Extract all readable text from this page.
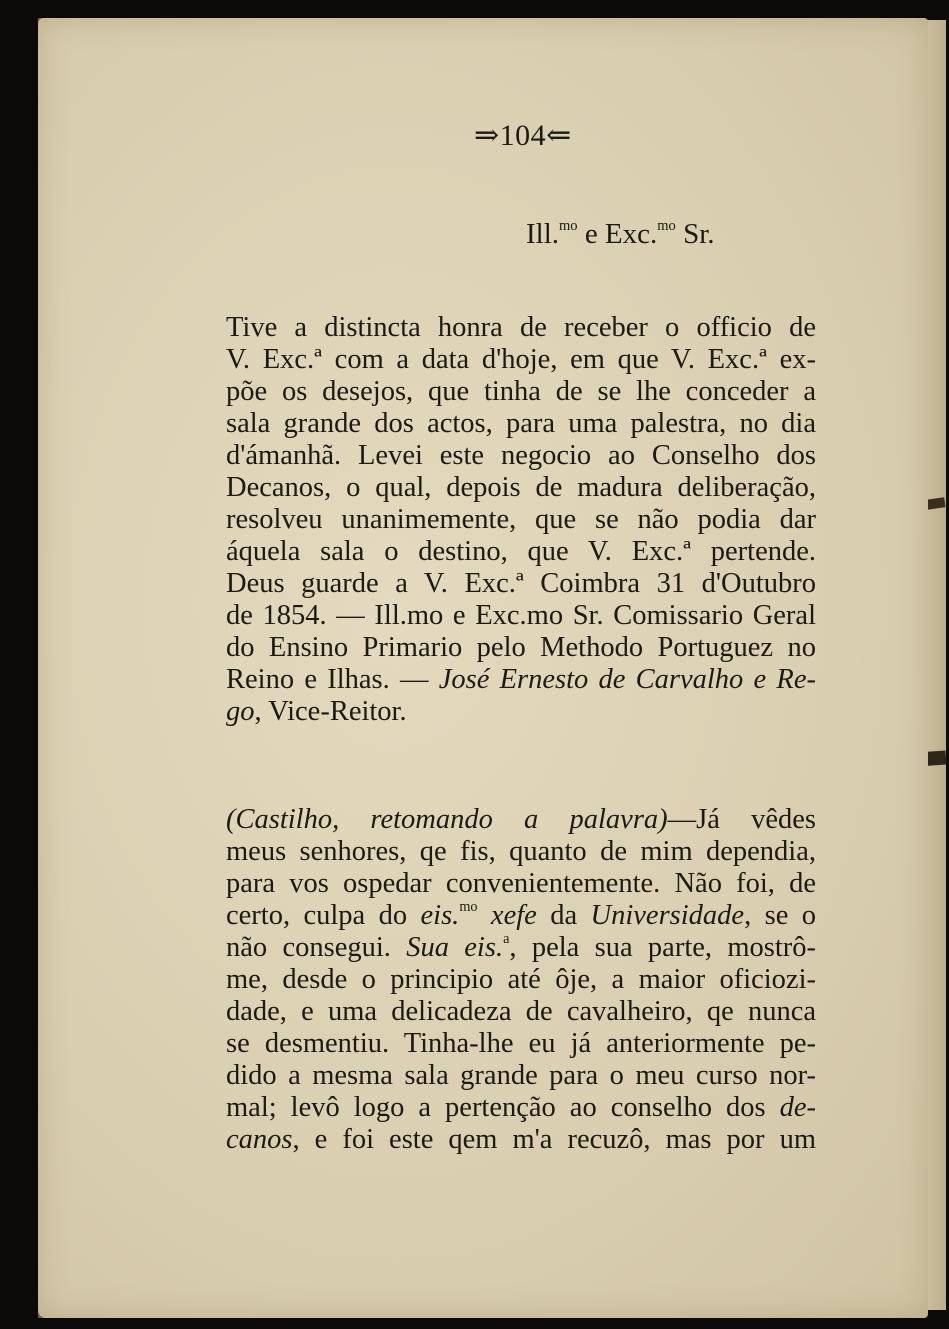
⇒104⇐
Ill.$^{mo}$ e Exc.$^{mo}$ Sr.
Tive a distincta honra de receber o officio de
V. Exc.ª com a data d'hoje, em que V. Exc.ª ex-
põe os desejos, que tinha de se lhe conceder a
sala grande dos actos, para uma palestra, no dia
d'ámanhã. Levei este negocio ao Conselho dos
Decanos, o qual, depois de madura deliberação,
resolveu unanimemente, que se não podia dar
áquela sala o destino, que V. Exc.ª pertende.
Deus guarde a V. Exc.ª Coimbra 31 d'Outubro
de 1854. — Ill.mo e Exc.mo Sr. Comissario Geral
do Ensino Primario pelo Methodo Portuguez no
Reino e Ilhas. — José Ernesto de Carvalho e Re-
go, Vice-Reitor.
(Castilho, retomando a palavra)—Já vêdes
meus senhores, qe fis, quanto de mim dependia,
para vos ospedar convenientemente. Não foi, de
certo, culpa do eis.$^{mo}$ xefe da Universidade, se o
não consegui. Sua eis.$^a$, pela sua parte, mostrô-
me, desde o principio até ôje, a maior oficiozi-
dade, e uma delicadeza de cavalheiro, qe nunca
se desmentiu. Tinha-lhe eu já anteriormente pe-
dido a mesma sala grande para o meu curso nor-
mal; levô logo a pertenção ao conselho dos de-
canos, e foi este qem m'a recuzô, mas por um
